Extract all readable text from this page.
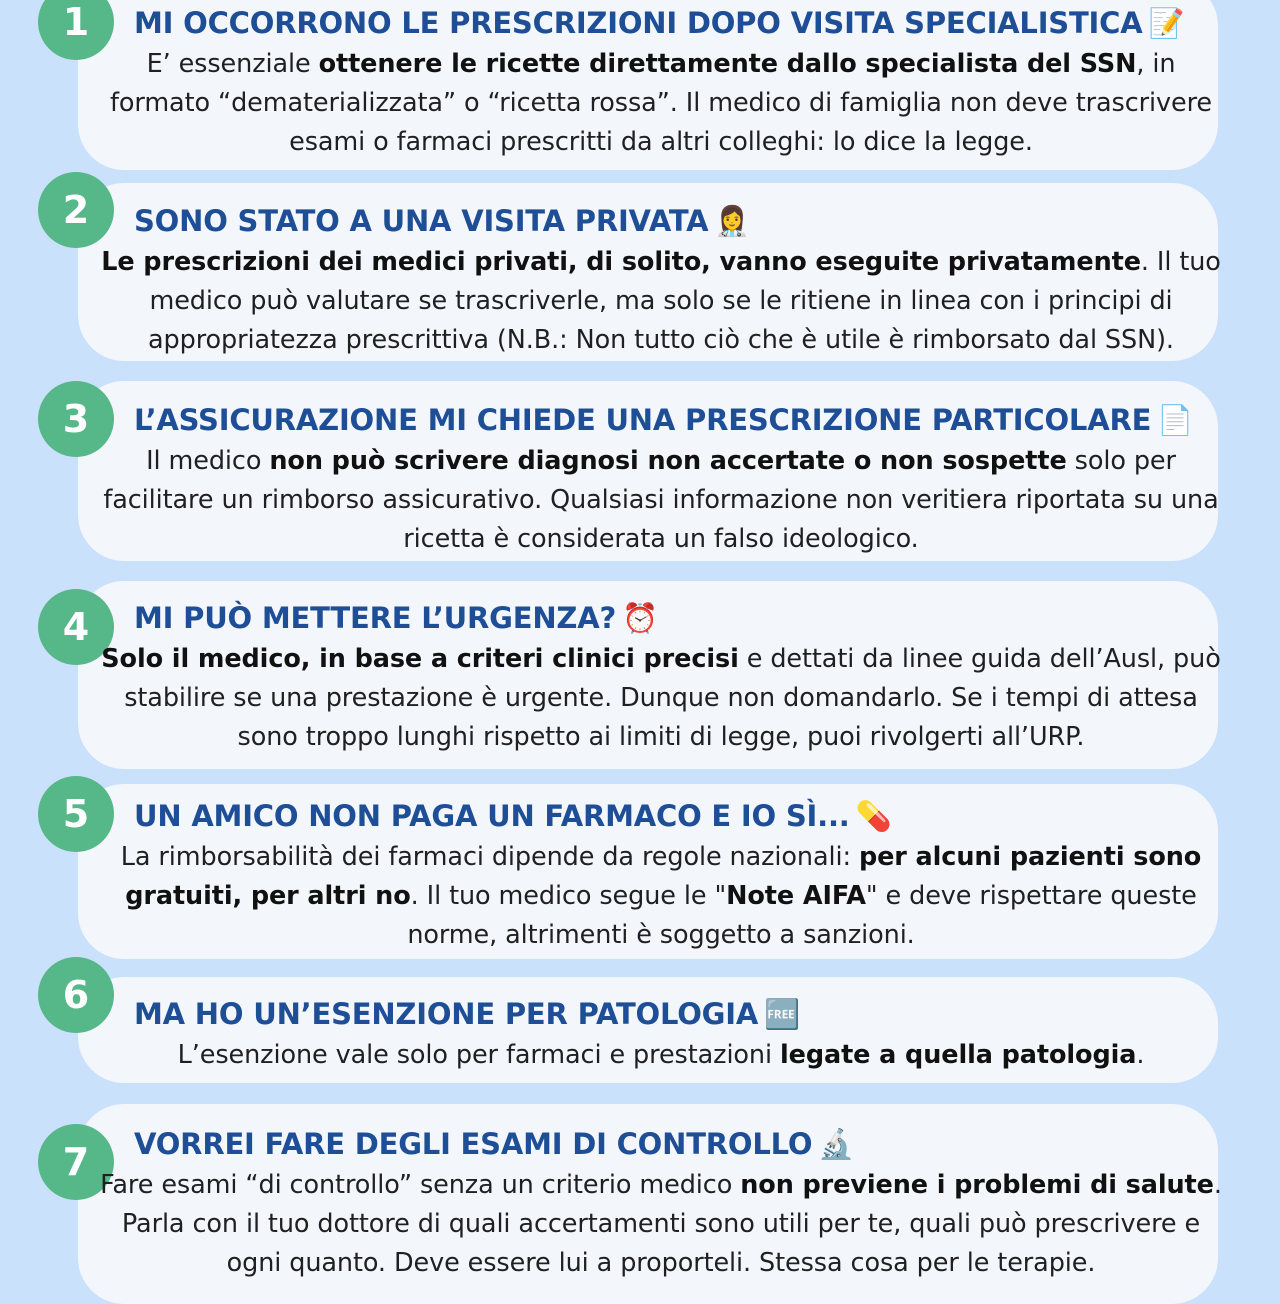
1	MI OCCORRONO LE PRESCRIZIONI DOPO VISITA SPECIALISTICA 📝
E’ essenziale ottenere le ricette direttamente dallo specialista del SSN, in formato “dematerializzata” o “ricetta rossa”. Il medico di famiglia non deve trascrivere esami o farmaci prescritti da altri colleghi: lo dice la legge.
2	SONO STATO A UNA VISITA PRIVATA 👩‍⚕️
Le prescrizioni dei medici privati, di solito, vanno eseguite privatamente. Il tuo medico può valutare se trascriverle, ma solo se le ritiene in linea con i principi di appropriatezza prescrittiva (N.B.: Non tutto ciò che è utile è rimborsato dal SSN).
3	L’ASSICURAZIONE MI CHIEDE UNA PRESCRIZIONE PARTICOLARE 📄
Il medico non può scrivere diagnosi non accertate o non sospette solo per facilitare un rimborso assicurativo. Qualsiasi informazione non veritiera riportata su una ricetta è considerata un falso ideologico.
4	MI PUÒ METTERE L’URGENZA? ⏰
Solo il medico, in base a criteri clinici precisi e dettati da linee guida dell’Ausl, può stabilire se una prestazione è urgente. Dunque non domandarlo. Se i tempi di attesa sono troppo lunghi rispetto ai limiti di legge, puoi rivolgerti all’URP.
5	UN AMICO NON PAGA UN FARMACO E IO SÌ... 💊
La rimborsabilità dei farmaci dipende da regole nazionali: per alcuni pazienti sono gratuiti, per altri no. Il tuo medico segue le "Note AIFA" e deve rispettare queste norme, altrimenti è soggetto a sanzioni.
6	MA HO UN’ESENZIONE PER PATOLOGIA 🆓
L’esenzione vale solo per farmaci e prestazioni legate a quella patologia.
7	VORREI FARE DEGLI ESAMI DI CONTROLLO 🔬
Fare esami “di controllo” senza un criterio medico non previene i problemi di salute. Parla con il tuo dottore di quali accertamenti sono utili per te, quali può prescrivere e ogni quanto. Deve essere lui a proporteli. Stessa cosa per le terapie.
